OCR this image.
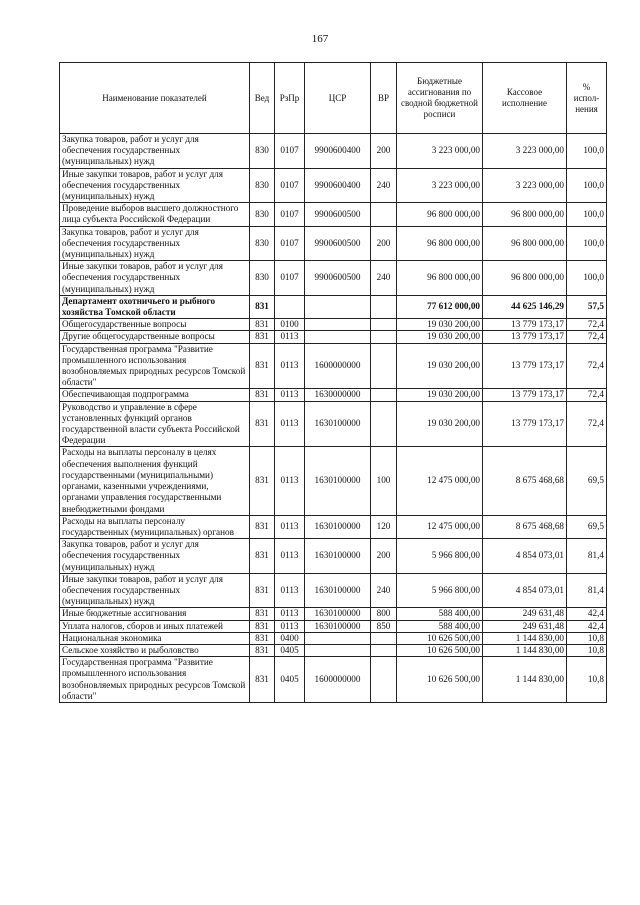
167
Наименование показателей	Вед	РзПр	ЦСР	ВР	Бюджетные ассигнования по сводной бюджетной росписи	Кассовое исполнение	% испол-нения
Закупка товаров, работ и услуг для обеспечения государственных (муниципальных) нужд	830	0107	9900600400	200	3 223 000,00	3 223 000,00	100,0
Иные закупки товаров, работ и услуг для обеспечения государственных (муниципальных) нужд	830	0107	9900600400	240	3 223 000,00	3 223 000,00	100,0
Проведение выборов высшего должностного лица субъекта Российской Федерации	830	0107	9900600500		96 800 000,00	96 800 000,00	100,0
Закупка товаров, работ и услуг для обеспечения государственных (муниципальных) нужд	830	0107	9900600500	200	96 800 000,00	96 800 000,00	100,0
Иные закупки товаров, работ и услуг для обеспечения государственных (муниципальных) нужд	830	0107	9900600500	240	96 800 000,00	96 800 000,00	100,0
Департамент охотничьего и рыбного хозяйства Томской области	831				77 612 000,00	44 625 146,29	57,5
Общегосударственные вопросы	831	0100			19 030 200,00	13 779 173,17	72,4
Другие общегосударственные вопросы	831	0113			19 030 200,00	13 779 173,17	72,4
Государственная программа "Развитие промышленного использования возобновляемых природных ресурсов Томской области"	831	0113	1600000000		19 030 200,00	13 779 173,17	72,4
Обеспечивающая подпрограмма	831	0113	1630000000		19 030 200,00	13 779 173,17	72,4
Руководство и управление в сфере установленных функций органов государственной власти субъекта Российской Федерации	831	0113	1630100000		19 030 200,00	13 779 173,17	72,4
Расходы на выплаты персоналу в целях обеспечения выполнения функций государственными (муниципальными) органами, казенными учреждениями, органами управления государственными внебюджетными фондами	831	0113	1630100000	100	12 475 000,00	8 675 468,68	69,5
Расходы на выплаты персоналу государственных (муниципальных) органов	831	0113	1630100000	120	12 475 000,00	8 675 468,68	69,5
Закупка товаров, работ и услуг для обеспечения государственных (муниципальных) нужд	831	0113	1630100000	200	5 966 800,00	4 854 073,01	81,4
Иные закупки товаров, работ и услуг для обеспечения государственных (муниципальных) нужд	831	0113	1630100000	240	5 966 800,00	4 854 073,01	81,4
Иные бюджетные ассигнования	831	0113	1630100000	800	588 400,00	249 631,48	42,4
Уплата налогов, сборов и иных платежей	831	0113	1630100000	850	588 400,00	249 631,48	42,4
Национальная экономика	831	0400			10 626 500,00	1 144 830,00	10,8
Сельское хозяйство и рыболовство	831	0405			10 626 500,00	1 144 830,00	10,8
Государственная программа "Развитие промышленного использования возобновляемых природных ресурсов Томской области"	831	0405	1600000000		10 626 500,00	1 144 830,00	10,8
